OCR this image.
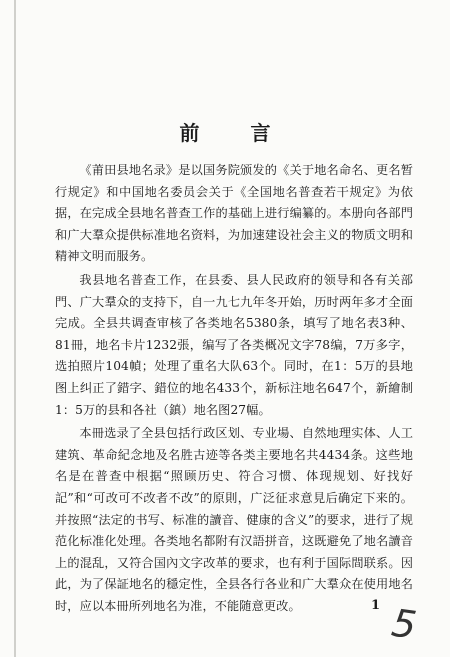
前 言

《莆田县地名录》是以国务院颁发的《关于地名命名、更名暂行规定》和中国地名委员会关于《全国地名普查若干规定》为依据，在完成全县地名普查工作的基础上进行编纂的。本册向各部門和广大羣众提供标准地名资料，为加速建设社会主义的物质文明和精神文明而服务。

我县地名普查工作，在县委、县人民政府的领导和各有关部門、广大羣众的支持下，自一九七九年冬开始，历时两年多才全面完成。全县共调查审核了各类地名5380条，填写了地名表3种、81冊，地名卡片1232張，编写了各类概况文字78编，7万多字，选拍照片104幀；处理了重名大队63个。同时，在1：5万的县地图上纠正了錯字、錯位的地名433个，新标注地名647个，新繪制1：5万的县和各社（鎮）地名图27幅。

本冊选录了全县包括行政区划、专业場、自然地理实体、人工建筑、革命紀念地及名胜古迹等各类主要地名共4434条。这些地名是在普查中根据“照顾历史、符合习惯、体现规划、好找好記”和“可改可不改者不改”的原則，广泛征求意見后确定下来的。并按照“法定的书写、标准的讀音、健康的含义”的要求，进行了规范化标准化处理。各类地名都附有汉語拼音，这既避免了地名讀音上的混乱，又符合国內文字改革的要求，也有利于国际間联系。因此，为了保証地名的穩定性，全县各行各业和广大羣众在使用地名时，应以本冊所列地名为准，不能随意更改。	1 5
